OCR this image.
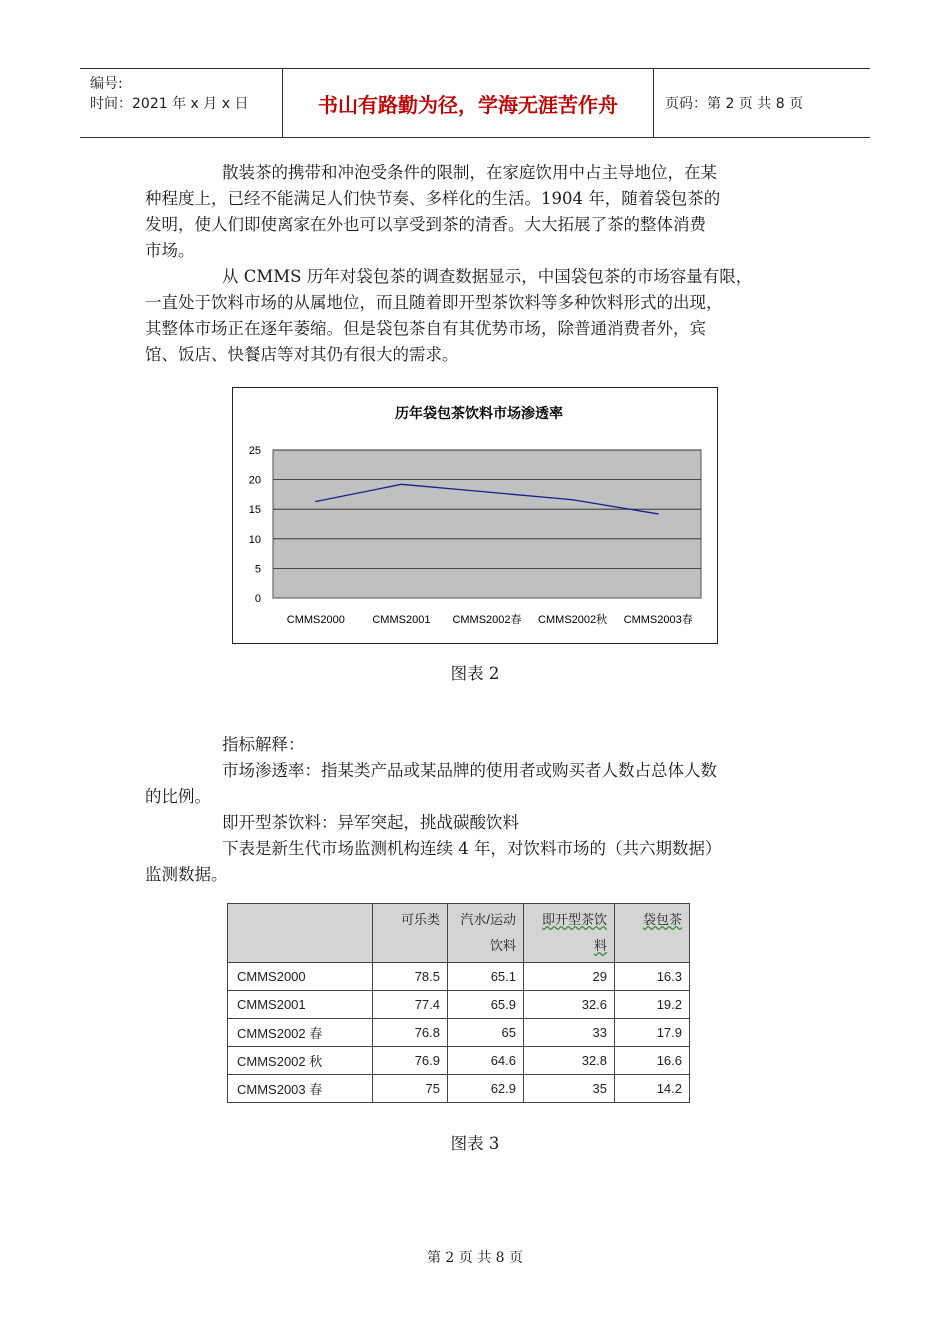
编号:
时间：2021 年 x 月 x 日	书山有路勤为径，学海无涯苦作舟	页码：第 2 页 共 8 页
散装茶的携带和冲泡受条件的限制，在家庭饮用中占主导地位，在某
种程度上，已经不能满足人们快节奏、多样化的生活。1904 年，随着袋包茶的
发明，使人们即使离家在外也可以享受到茶的清香。大大拓展了茶的整体消费
市场。
从 CMMS 历年对袋包茶的调查数据显示，中国袋包茶的市场容量有限，
一直处于饮料市场的从属地位，而且随着即开型茶饮料等多种饮料形式的出现，
其整体市场正在逐年萎缩。但是袋包茶自有其优势市场，除普通消费者外，宾
馆、饭店、快餐店等对其仍有很大的需求。
历年袋包茶饮料市场渗透率
0
5
10
15
20
25
CMMS2000	CMMS2001 CMMS2002春 CMMS2002秋 CMMS2003春
图表 2
指标解释：
市场渗透率：指某类产品或某品牌的使用者或购买者人数占总体人数
的比例。
即开型茶饮料：异军突起，挑战碳酸饮料
下表是新生代市场监测机构连续 4 年，对饮料市场的（共六期数据）
监测数据。
	可乐类	汽水/运动饮料	即开型茶饮料	袋包茶
CMMS2000	78.5	65.1	29	16.3
CMMS2001	77.4	65.9	32.6	19.2
CMMS2002 春	76.8	65	33	17.9
CMMS2002 秋	76.9	64.6	32.8	16.6
CMMS2003 春	75	62.9	35	14.2
图表 3
第 2 页 共 8 页
